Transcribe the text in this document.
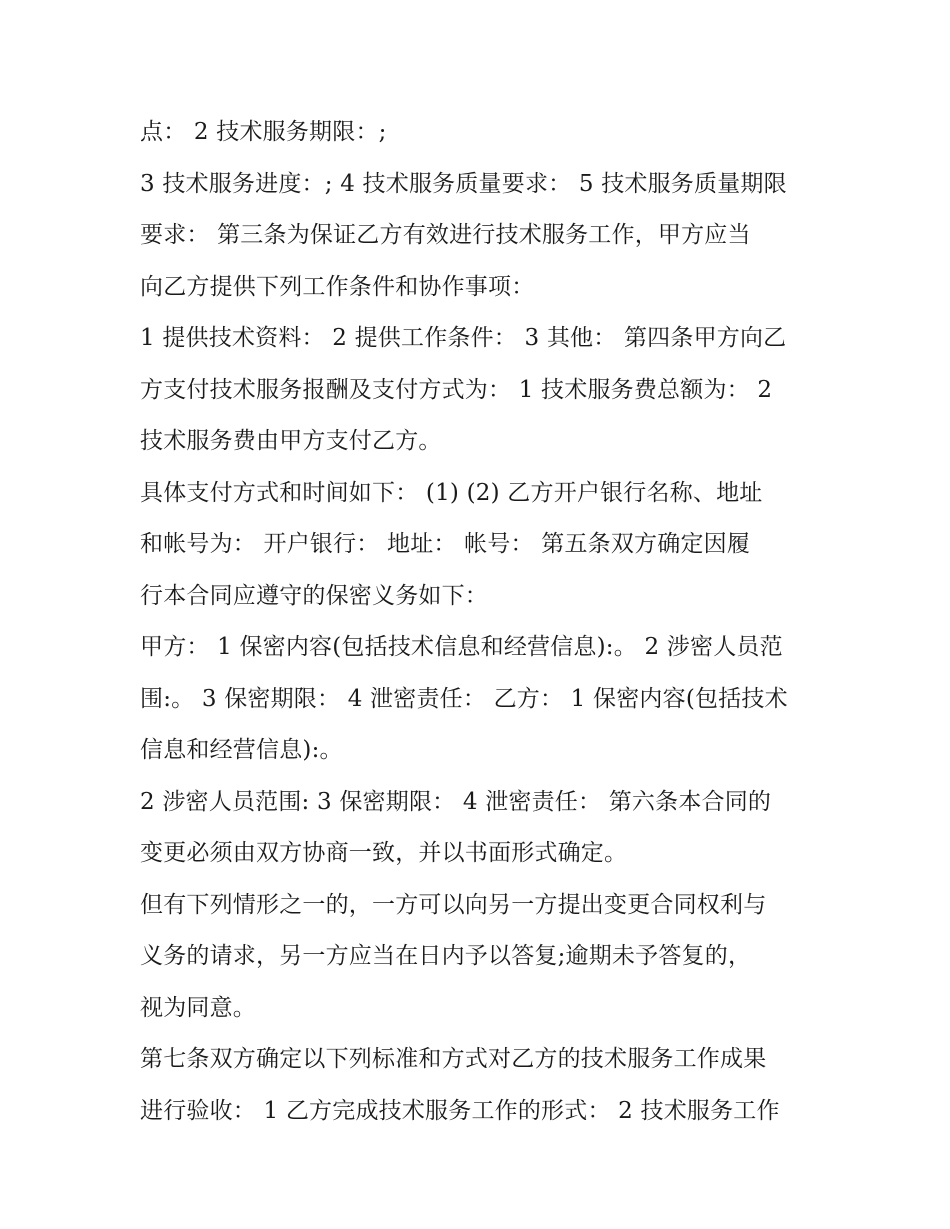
点： 2 技术服务期限：;
3 技术服务进度：; 4 技术服务质量要求： 5 技术服务质量期限
要求： 第三条为保证乙方有效进行技术服务工作，甲方应当
向乙方提供下列工作条件和协作事项：
1 提供技术资料： 2 提供工作条件： 3 其他： 第四条甲方向乙
方支付技术服务报酬及支付方式为： 1 技术服务费总额为： 2
技术服务费由甲方支付乙方。
具体支付方式和时间如下： (1) (2) 乙方开户银行名称、地址
和帐号为： 开户银行： 地址： 帐号： 第五条双方确定因履
行本合同应遵守的保密义务如下：
甲方： 1 保密内容(包括技术信息和经营信息):。 2 涉密人员范
围:。 3 保密期限： 4 泄密责任： 乙方： 1 保密内容(包括技术
信息和经营信息):。
2 涉密人员范围: 3 保密期限： 4 泄密责任： 第六条本合同的
变更必须由双方协商一致，并以书面形式确定。
但有下列情形之一的，一方可以向另一方提出变更合同权利与
义务的请求，另一方应当在日内予以答复;逾期未予答复的，
视为同意。
第七条双方确定以下列标准和方式对乙方的技术服务工作成果
进行验收： 1 乙方完成技术服务工作的形式： 2 技术服务工作
